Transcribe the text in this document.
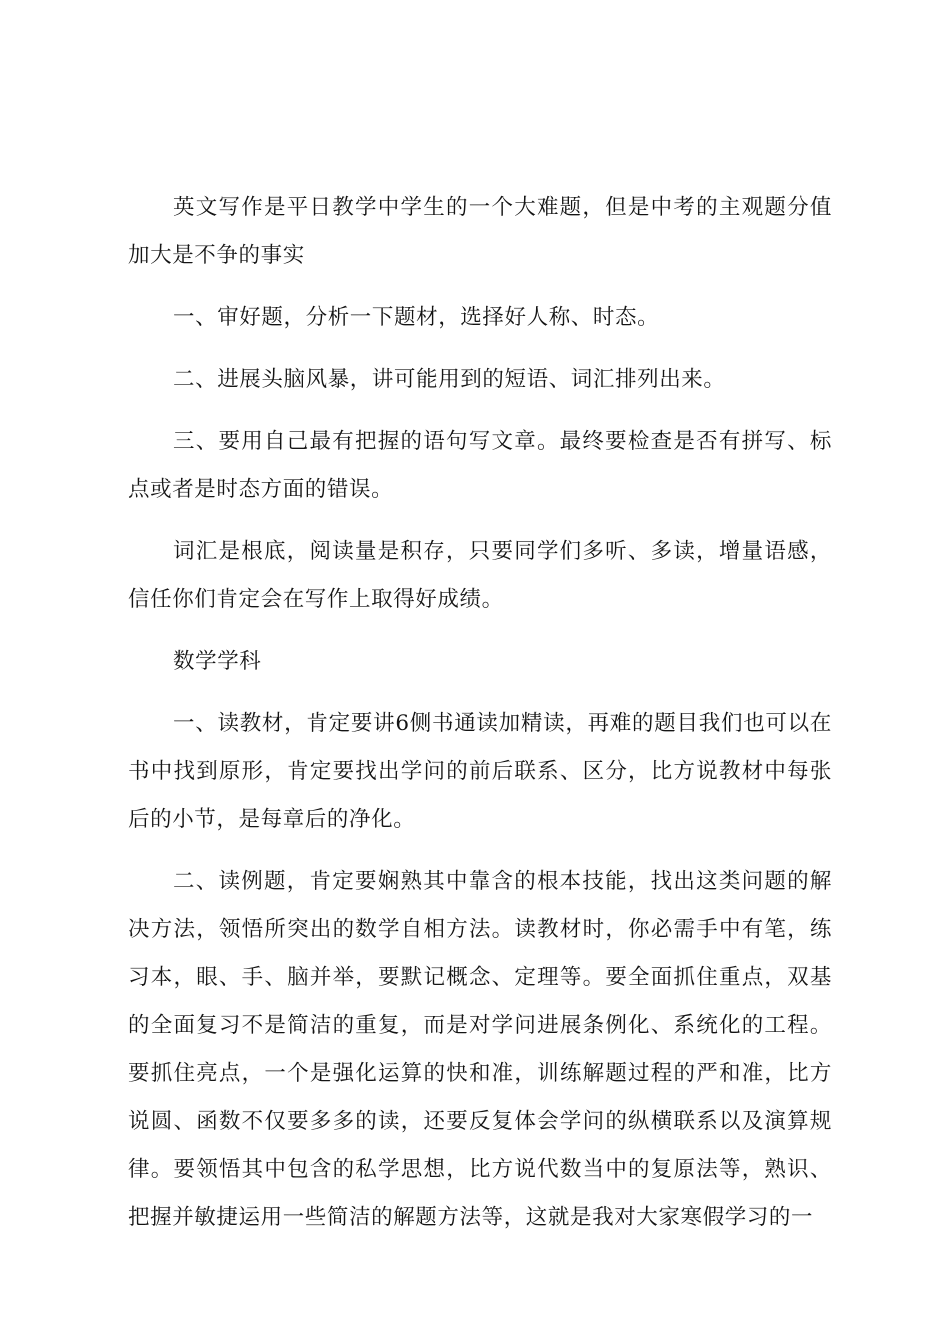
英文写作是平日教学中学生的一个大难题，但是中考的主观题分值加大是不争的事实

一、审好题，分析一下题材，选择好人称、时态。

二、进展头脑风暴，讲可能用到的短语、词汇排列出来。

三、要用自己最有把握的语句写文章。最终要检查是否有拼写、标点或者是时态方面的错误。

词汇是根底，阅读量是积存，只要同学们多听、多读，增量语感，信任你们肯定会在写作上取得好成绩。

数学学科

一、读教材，肯定要讲6侧书通读加精读，再难的题目我们也可以在书中找到原形，肯定要找出学问的前后联系、区分，比方说教材中每张后的小节，是每章后的净化。

二、读例题，肯定要娴熟其中靠含的根本技能，找出这类问题的解决方法，领悟所突出的数学自相方法。读教材时，你必需手中有笔，练习本，眼、手、脑并举，要默记概念、定理等。要全面抓住重点，双基的全面复习不是简洁的重复，而是对学问进展条例化、系统化的工程。要抓住亮点，一个是强化运算的快和准，训练解题过程的严和准，比方说圆、函数不仅要多多的读，还要反复体会学问的纵横联系以及演算规律。要领悟其中包含的私学思想，比方说代数当中的复原法等，熟识、把握并敏捷运用一些简洁的解题方法等，这就是我对大家寒假学习的一
